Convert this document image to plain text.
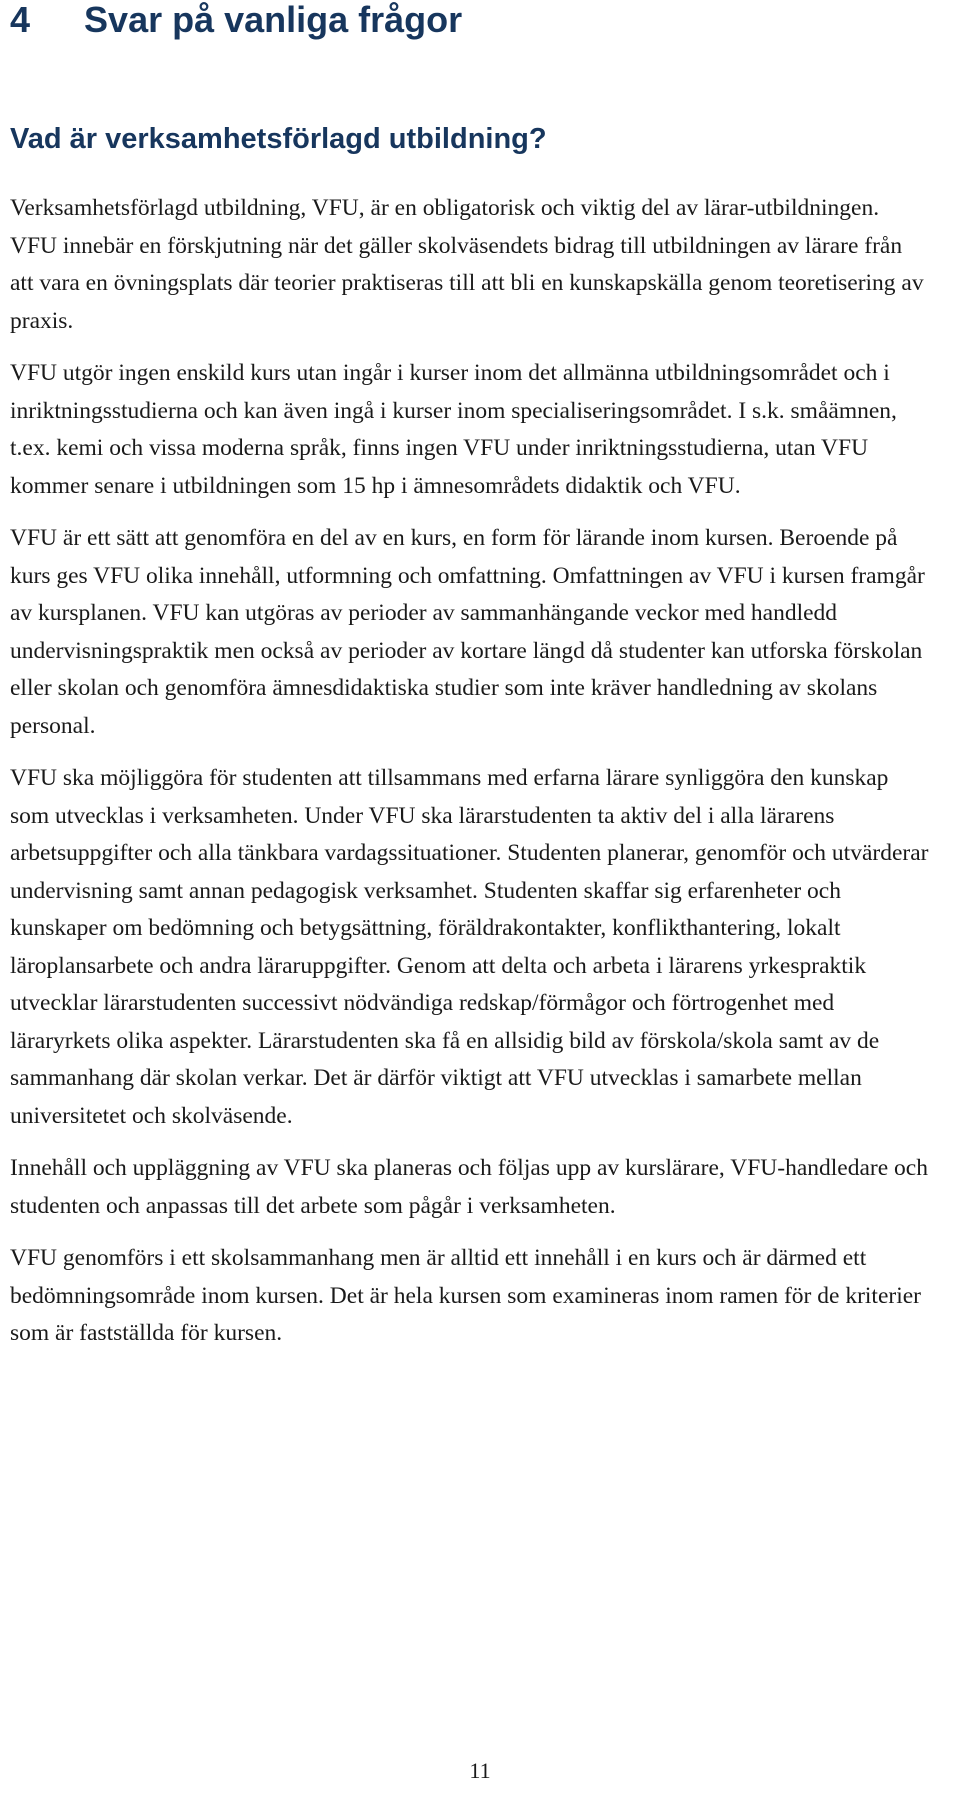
4 Svar på vanliga frågor
Vad är verksamhetsförlagd utbildning?

Verksamhetsförlagd utbildning, VFU, är en obligatorisk och viktig del av lärar-utbildningen. VFU innebär en förskjutning när det gäller skolväsendets bidrag till utbildningen av lärare från att vara en övningsplats där teorier praktiseras till att bli en kunskapskälla genom teoretisering av praxis.

VFU utgör ingen enskild kurs utan ingår i kurser inom det allmänna utbildningsområdet och i inriktningsstudierna och kan även ingå i kurser inom specialiseringsområdet. I s.k. småämnen, t.ex. kemi och vissa moderna språk, finns ingen VFU under inriktningsstudierna, utan VFU kommer senare i utbildningen som 15 hp i ämnesområdets didaktik och VFU.

VFU är ett sätt att genomföra en del av en kurs, en form för lärande inom kursen. Beroende på kurs ges VFU olika innehåll, utformning och omfattning. Omfattningen av VFU i kursen framgår av kursplanen. VFU kan utgöras av perioder av sammanhängande veckor med handledd undervisningspraktik men också av perioder av kortare längd då studenter kan utforska förskolan eller skolan och genomföra ämnesdidaktiska studier som inte kräver handledning av skolans personal.

VFU ska möjliggöra för studenten att tillsammans med erfarna lärare synliggöra den kunskap som utvecklas i verksamheten. Under VFU ska lärarstudenten ta aktiv del i alla lärarens arbetsuppgifter och alla tänkbara vardagssituationer. Studenten planerar, genomför och utvärderar undervisning samt annan pedagogisk verksamhet. Studenten skaffar sig erfarenheter och kunskaper om bedömning och betygsättning, föräldrakontakter, konflikthantering, lokalt läroplansarbete och andra läraruppgifter. Genom att delta och arbeta i lärarens yrkespraktik utvecklar lärarstudenten successivt nödvändiga redskap/förmågor och förtrogenhet med läraryrkets olika aspekter. Lärarstudenten ska få en allsidig bild av förskola/skola samt av de sammanhang där skolan verkar. Det är därför viktigt att VFU utvecklas i samarbete mellan universitetet och skolväsende.

Innehåll och uppläggning av VFU ska planeras och följas upp av kurslärare, VFU-handledare och studenten och anpassas till det arbete som pågår i verksamheten.

VFU genomförs i ett skolsammanhang men är alltid ett innehåll i en kurs och är därmed ett bedömningsområde inom kursen. Det är hela kursen som examineras inom ramen för de kriterier som är fastställda för kursen.

11
